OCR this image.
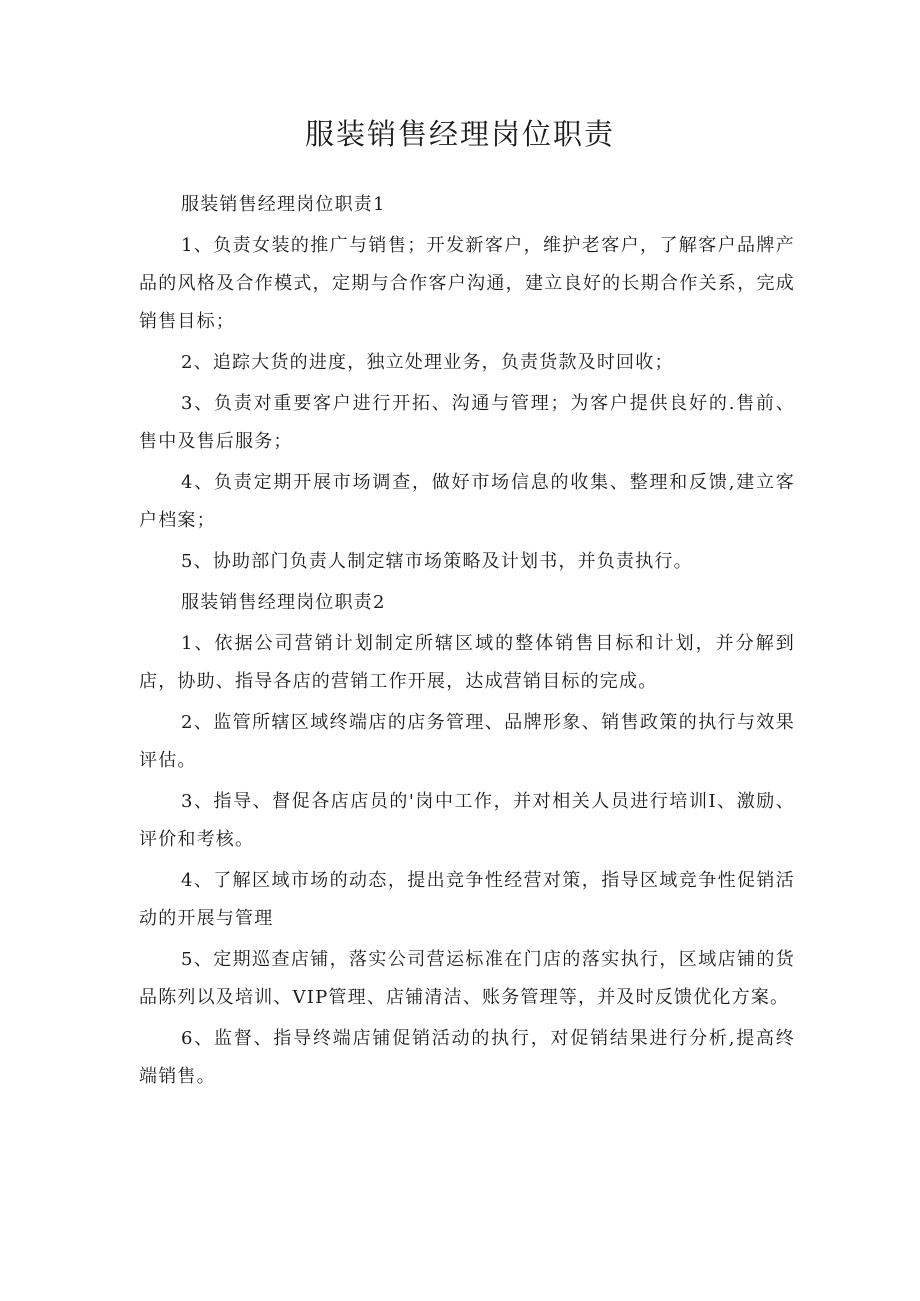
服装销售经理岗位职责

服装销售经理岗位职责1

1、负责女装的推广与销售；开发新客户，维护老客户，了解客户品牌产品的风格及合作模式，定期与合作客户沟通，建立良好的长期合作关系，完成销售目标；

2、追踪大货的进度，独立处理业务，负责货款及时回收；

3、负责对重要客户进行开拓、沟通与管理；为客户提供良好的.售前、售中及售后服务；

4、负责定期开展市场调查，做好市场信息的收集、整理和反馈,建立客户档案；

5、协助部门负责人制定辖市场策略及计划书，并负责执行。

服装销售经理岗位职责2

1、依据公司营销计划制定所辖区域的整体销售目标和计划，并分解到店，协助、指导各店的营销工作开展，达成营销目标的完成。

2、监管所辖区域终端店的店务管理、品牌形象、销售政策的执行与效果评估。

3、指导、督促各店店员的'岗中工作，并对相关人员进行培训I、激励、评价和考核。

4、了解区域市场的动态，提出竞争性经营对策，指导区域竞争性促销活动的开展与管理

5、定期巡查店铺，落实公司营运标准在门店的落实执行，区域店铺的货品陈列以及培训、VIP管理、店铺清洁、账务管理等，并及时反馈优化方案。

6、监督、指导终端店铺促销活动的执行，对促销结果进行分析,提高终端销售。
